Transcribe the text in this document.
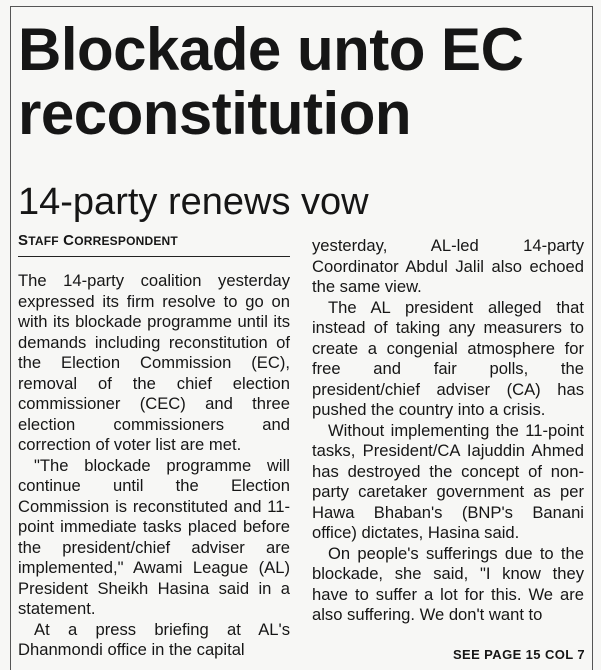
Blockade unto EC reconstitution
14-party renews vow
STAFF CORRESPONDENT

The 14-party coalition yesterday expressed its firm resolve to go on with its blockade programme until its demands including reconstitution of the Election Commission (EC), removal of the chief election commissioner (CEC) and three election commissioners and correction of voter list are met.

"The blockade programme will continue until the Election Commission is reconstituted and 11-point immediate tasks placed before the president/chief adviser are implemented," Awami League (AL) President Sheikh Hasina said in a statement.

At a press briefing at AL's Dhanmondi office in the capital

yesterday, AL-led 14-party Coordinator Abdul Jalil also echoed the same view.

The AL president alleged that instead of taking any measurers to create a congenial atmosphere for free and fair polls, the president/chief adviser (CA) has pushed the country into a crisis.

Without implementing the 11-point tasks, President/CA Iajuddin Ahmed has destroyed the concept of non-party caretaker government as per Hawa Bhaban's (BNP's Banani office) dictates, Hasina said.

On people's sufferings due to the blockade, she said, "I know they have to suffer a lot for this. We are also suffering. We don't want to

SEE PAGE 15 COL 7
